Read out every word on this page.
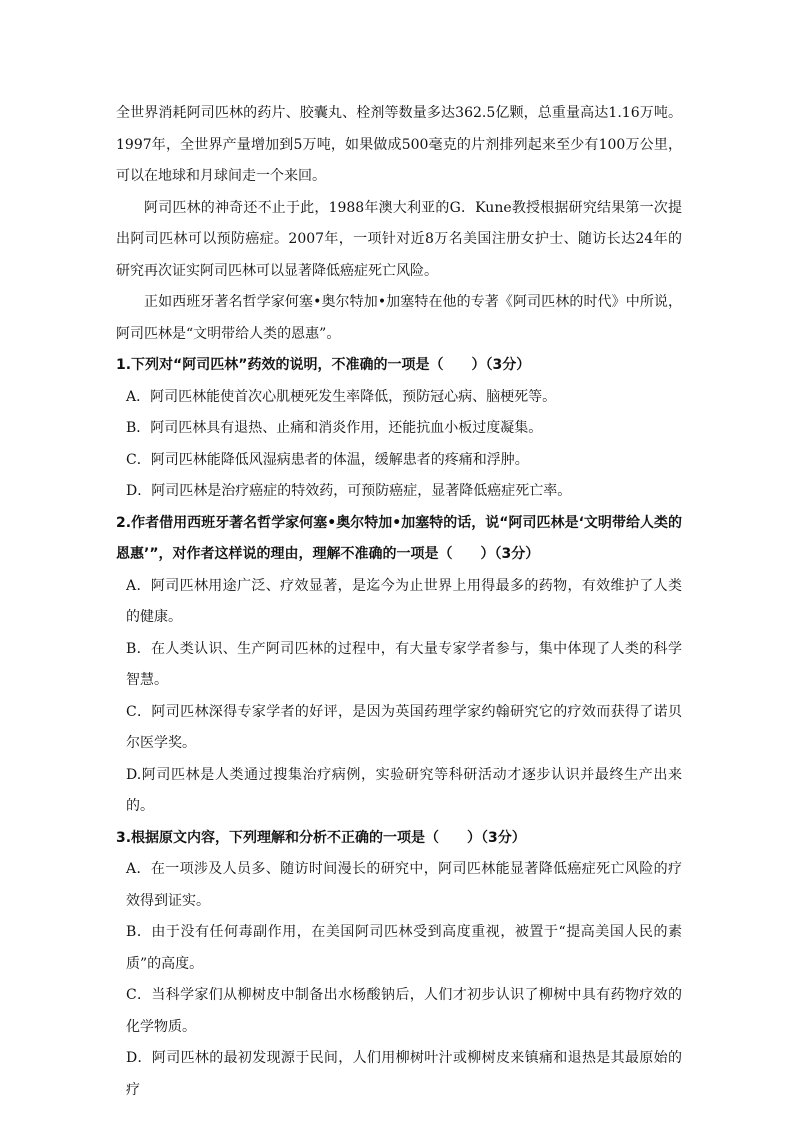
全世界消耗阿司匹林的药片、胶囊丸、栓剂等数量多达362.5亿颗，总重量高达1.16万吨。1997年，全世界产量增加到5万吨，如果做成500毫克的片剂排列起来至少有100万公里，可以在地球和月球间走一个来回。

阿司匹林的神奇还不止于此，1988年澳大利亚的G．Kune教授根据研究结果第一次提出阿司匹林可以预防癌症。2007年，一项针对近8万名美国注册女护士、随访长达24年的研究再次证实阿司匹林可以显著降低癌症死亡风险。

正如西班牙著名哲学家何塞•奥尔特加•加塞特在他的专著《阿司匹林的时代》中所说，阿司匹林是“文明带给人类的恩惠”。

1.下列对“阿司匹林”药效的说明，不准确的一项是（　　）（3分）

A．阿司匹林能使首次心肌梗死发生率降低，预防冠心病、脑梗死等。

B．阿司匹林具有退热、止痛和消炎作用，还能抗血小板过度凝集。

C．阿司匹林能降低风湿病患者的体温，缓解患者的疼痛和浮肿。

D．阿司匹林是治疗癌症的特效药，可预防癌症，显著降低癌症死亡率。

2.作者借用西班牙著名哲学家何塞•奥尔特加•加塞特的话，说“阿司匹林是‘文明带给人类的恩惠’”，对作者这样说的理由，理解不准确的一项是（　　）（3分）

A．阿司匹林用途广泛、疗效显著，是迄今为止世界上用得最多的药物，有效维护了人类的健康。

B．在人类认识、生产阿司匹林的过程中，有大量专家学者参与，集中体现了人类的科学智慧。

C．阿司匹林深得专家学者的好评，是因为英国药理学家约翰研究它的疗效而获得了诺贝尔医学奖。

D.阿司匹林是人类通过搜集治疗病例，实验研究等科研活动才逐步认识并最终生产出来的。

3.根据原文内容，下列理解和分析不正确的一项是（　　）（3分）

A．在一项涉及人员多、随访时间漫长的研究中，阿司匹林能显著降低癌症死亡风险的疗效得到证实。

B．由于没有任何毒副作用，在美国阿司匹林受到高度重视，被置于“提高美国人民的素质”的高度。

C．当科学家们从柳树皮中制备出水杨酸钠后，人们才初步认识了柳树中具有药物疗效的化学物质。

D．阿司匹林的最初发现源于民间，人们用柳树叶汁或柳树皮来镇痛和退热是其最原始的疗
